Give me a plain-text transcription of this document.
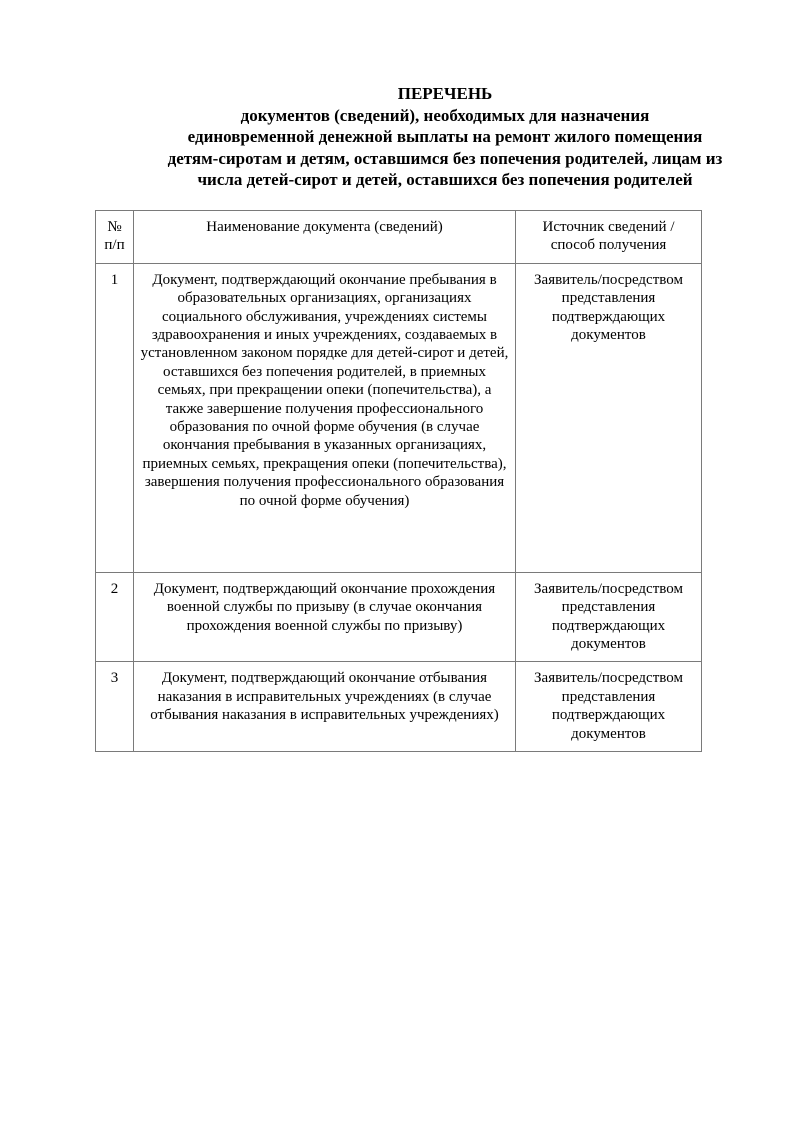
ПЕРЕЧЕНЬ
документов (сведений), необходимых для назначения
единовременной денежной выплаты на ремонт жилого помещения
детям-сиротам и детям, оставшимся без попечения родителей, лицам из
числа детей-сирот и детей, оставшихся без попечения родителей
№ п/п	Наименование документа (сведений)	Источник сведений / способ получения

1	Документ, подтверждающий окончание пребывания в образовательных организациях, организациях социального обслуживания, учреждениях системы здравоохранения и иных учреждениях, создаваемых в установленном законом порядке для детей-сирот и детей, оставшихся без попечения родителей, в приемных семьях, при прекращении опеки (попечительства), а также завершение получения профессионального образования по очной форме обучения (в случае окончания пребывания в указанных организациях, приемных семьях, прекращения опеки (попечительства), завершения получения профессионального образования по очной форме обучения)	Заявитель/посредством представления подтверждающих документов

2	Документ, подтверждающий окончание прохождения военной службы по призыву (в случае окончания прохождения военной службы по призыву)	Заявитель/посредством представления подтверждающих документов

3	Документ, подтверждающий окончание отбывания наказания в исправительных учреждениях (в случае отбывания наказания в исправительных учреждениях)	Заявитель/посредством представления подтверждающих документов
